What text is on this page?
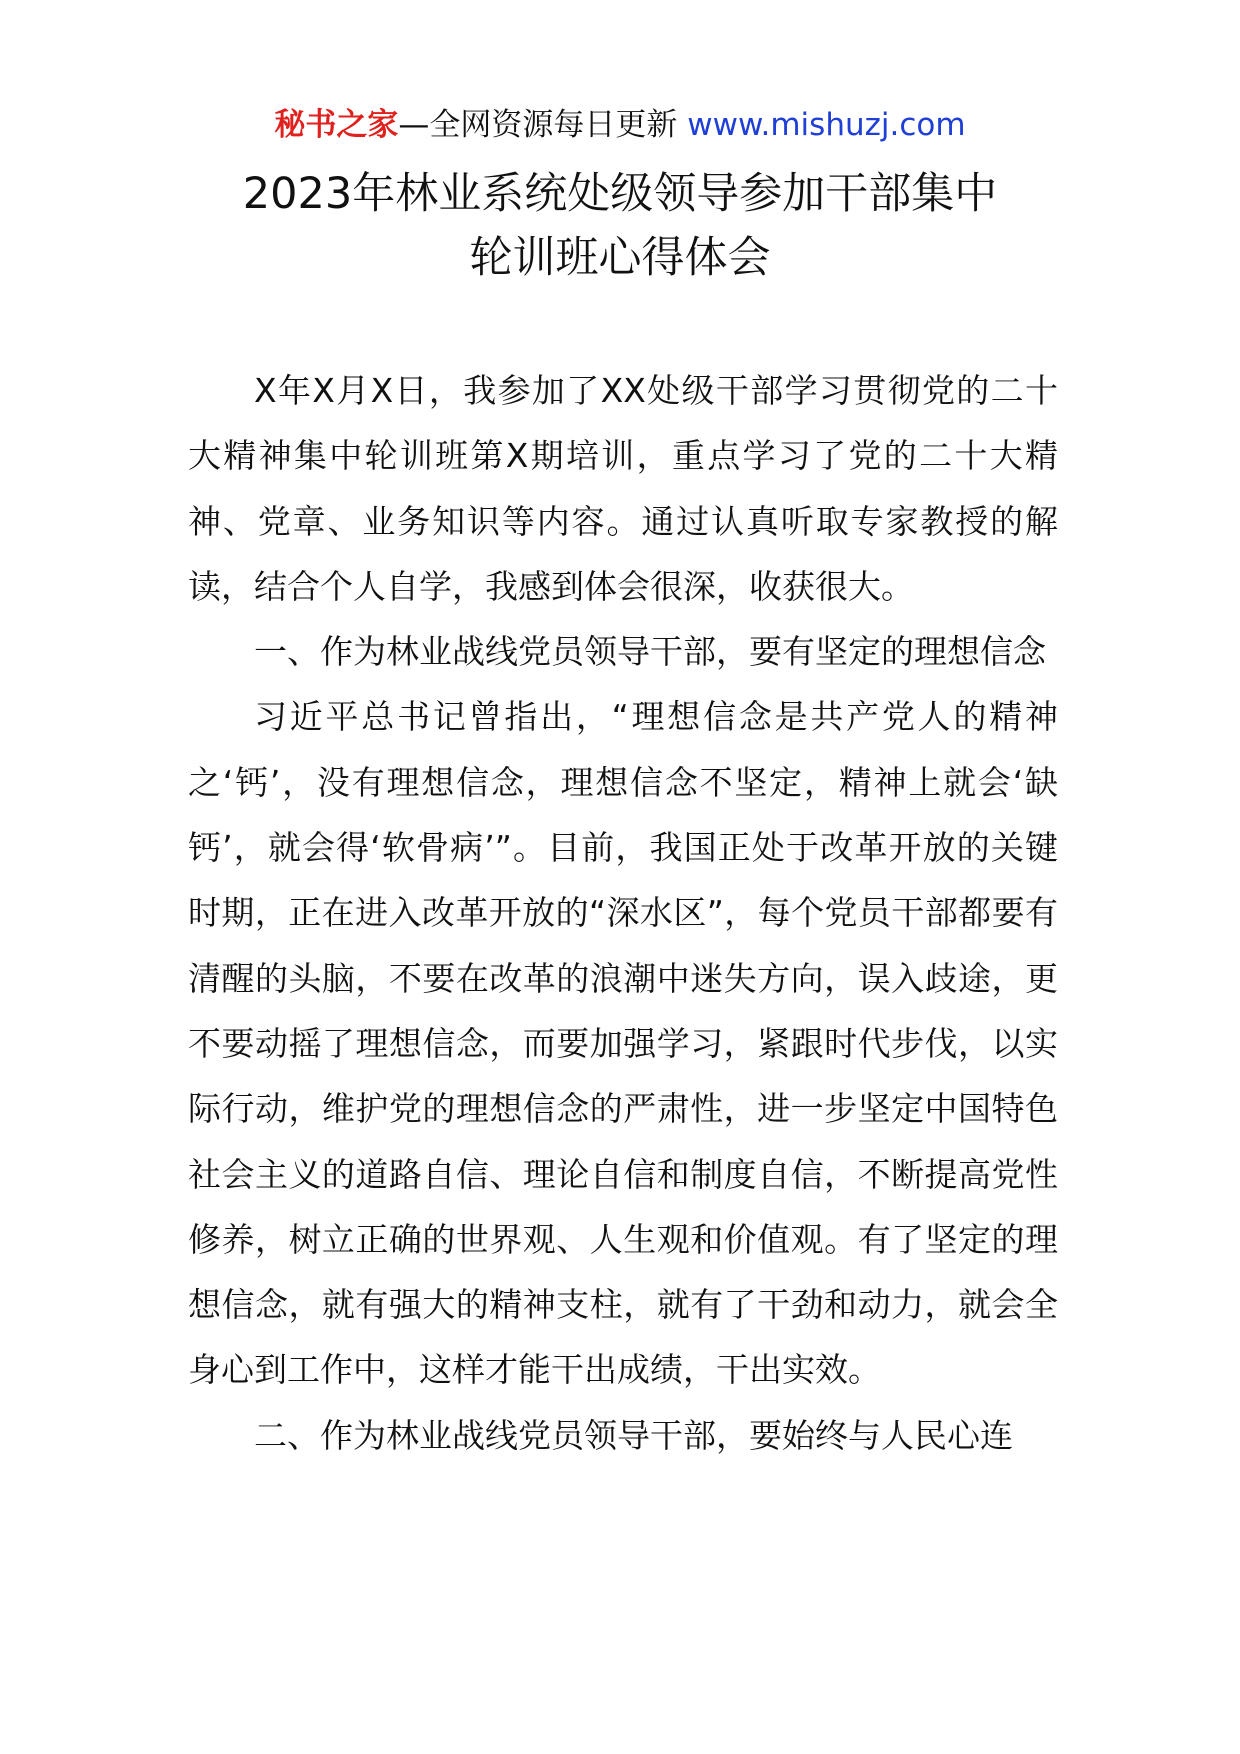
秘书之家—全网资源每日更新 www.mishuzj.com
2023年林业系统处级领导参加干部集中
轮训班心得体会

X年X月X日，我参加了XX处级干部学习贯彻党的二十大精神集中轮训班第X期培训，重点学习了党的二十大精神、党章、业务知识等内容。通过认真听取专家教授的解读，结合个人自学，我感到体会很深，收获很大。

一、作为林业战线党员领导干部，要有坚定的理想信念

习近平总书记曾指出，“理想信念是共产党人的精神之‘钙’，没有理想信念，理想信念不坚定，精神上就会‘缺钙’，就会得‘软骨病’”。目前，我国正处于改革开放的关键时期，正在进入改革开放的“深水区”，每个党员干部都要有清醒的头脑，不要在改革的浪潮中迷失方向，误入歧途，更不要动摇了理想信念，而要加强学习，紧跟时代步伐，以实际行动，维护党的理想信念的严肃性，进一步坚定中国特色社会主义的道路自信、理论自信和制度自信，不断提高党性修养，树立正确的世界观、人生观和价值观。有了坚定的理想信念，就有强大的精神支柱，就有了干劲和动力，就会全身心到工作中，这样才能干出成绩，干出实效。

二、作为林业战线党员领导干部，要始终与人民心连
